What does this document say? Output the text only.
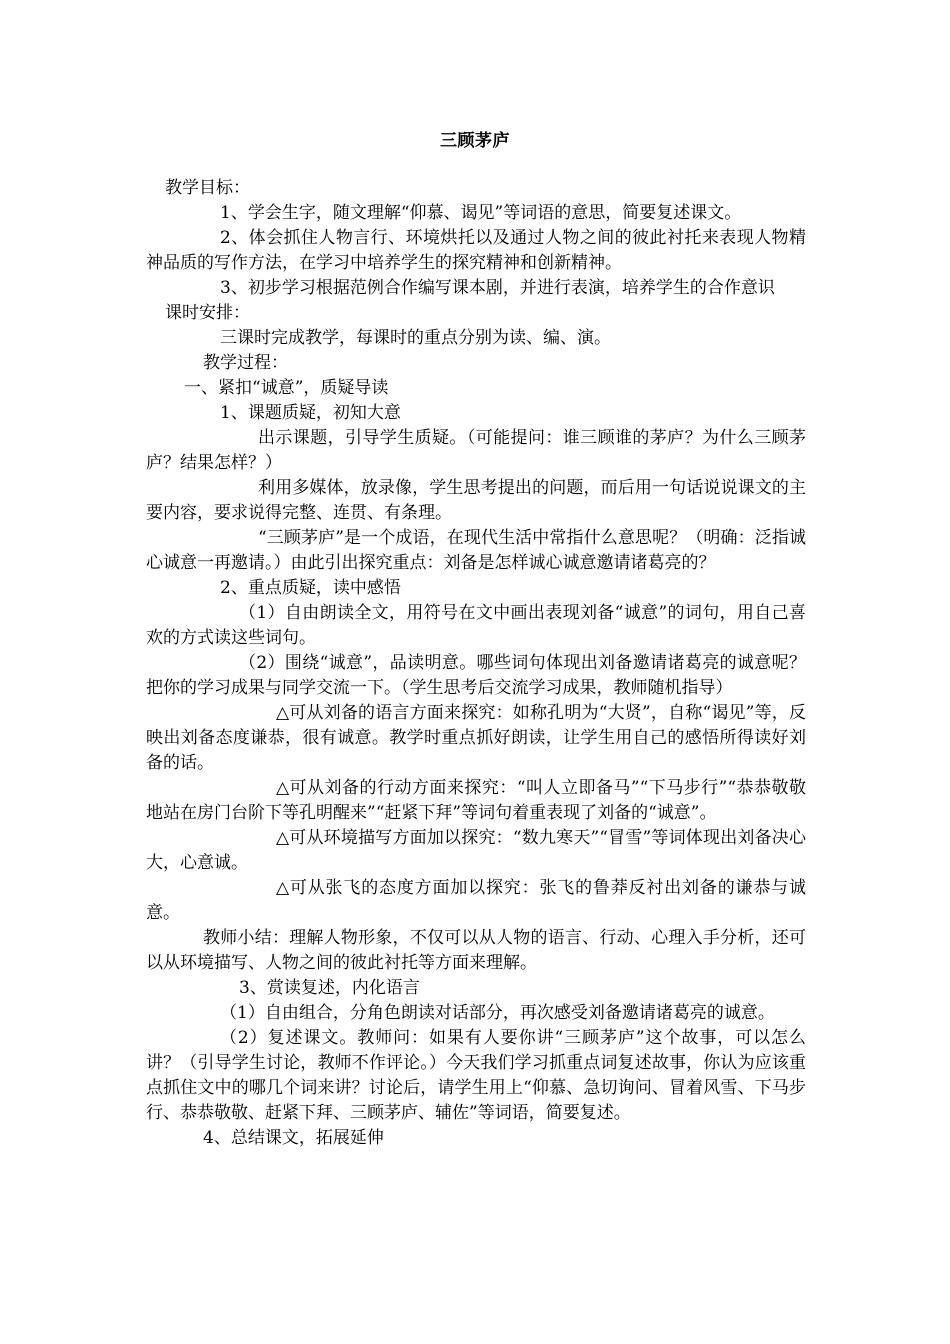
三顾茅庐

教学目标：

1、学会生字，随文理解“仰慕、谒见”等词语的意思，简要复述课文。

2、体会抓住人物言行、环境烘托以及通过人物之间的彼此衬托来表现人物精神品质的写作方法，在学习中培养学生的探究精神和创新精神。

3、初步学习根据范例合作编写课本剧，并进行表演，培养学生的合作意识

课时安排：

三课时完成教学，每课时的重点分别为读、编、演。

教学过程：

一、紧扣“诚意”，质疑导读

1、课题质疑，初知大意

出示课题，引导学生质疑。（可能提问：谁三顾谁的茅庐？为什么三顾茅庐？结果怎样？）

利用多媒体，放录像，学生思考提出的问题，而后用一句话说说课文的主要内容，要求说得完整、连贯、有条理。

“三顾茅庐”是一个成语，在现代生活中常指什么意思呢？（明确：泛指诚心诚意一再邀请。）由此引出探究重点：刘备是怎样诚心诚意邀请诸葛亮的？

2、重点质疑，读中感悟

（1）自由朗读全文，用符号在文中画出表现刘备“诚意”的词句，用自己喜欢的方式读这些词句。

（2）围绕“诚意”，品读明意。哪些词句体现出刘备邀请诸葛亮的诚意呢？把你的学习成果与同学交流一下。（学生思考后交流学习成果，教师随机指导）

△可从刘备的语言方面来探究：如称孔明为“大贤”，自称“谒见”等，反映出刘备态度谦恭，很有诚意。教学时重点抓好朗读，让学生用自己的感悟所得读好刘备的话。

△可从刘备的行动方面来探究：“叫人立即备马”“下马步行”“恭恭敬敬地站在房门台阶下等孔明醒来”“赶紧下拜”等词句着重表现了刘备的“诚意”。

△可从环境描写方面加以探究：“数九寒天”“冒雪”等词体现出刘备决心大，心意诚。

△可从张飞的态度方面加以探究：张飞的鲁莽反衬出刘备的谦恭与诚意。

教师小结：理解人物形象，不仅可以从人物的语言、行动、心理入手分析，还可以从环境描写、人物之间的彼此衬托等方面来理解。

3、赏读复述，内化语言

（1）自由组合，分角色朗读对话部分，再次感受刘备邀请诸葛亮的诚意。

（2）复述课文。教师问：如果有人要你讲“三顾茅庐”这个故事，可以怎么讲？（引导学生讨论，教师不作评论。）今天我们学习抓重点词复述故事，你认为应该重点抓住文中的哪几个词来讲？讨论后，请学生用上“仰慕、急切询问、冒着风雪、下马步行、恭恭敬敬、赶紧下拜、三顾茅庐、辅佐”等词语，简要复述。

4、总结课文，拓展延伸
